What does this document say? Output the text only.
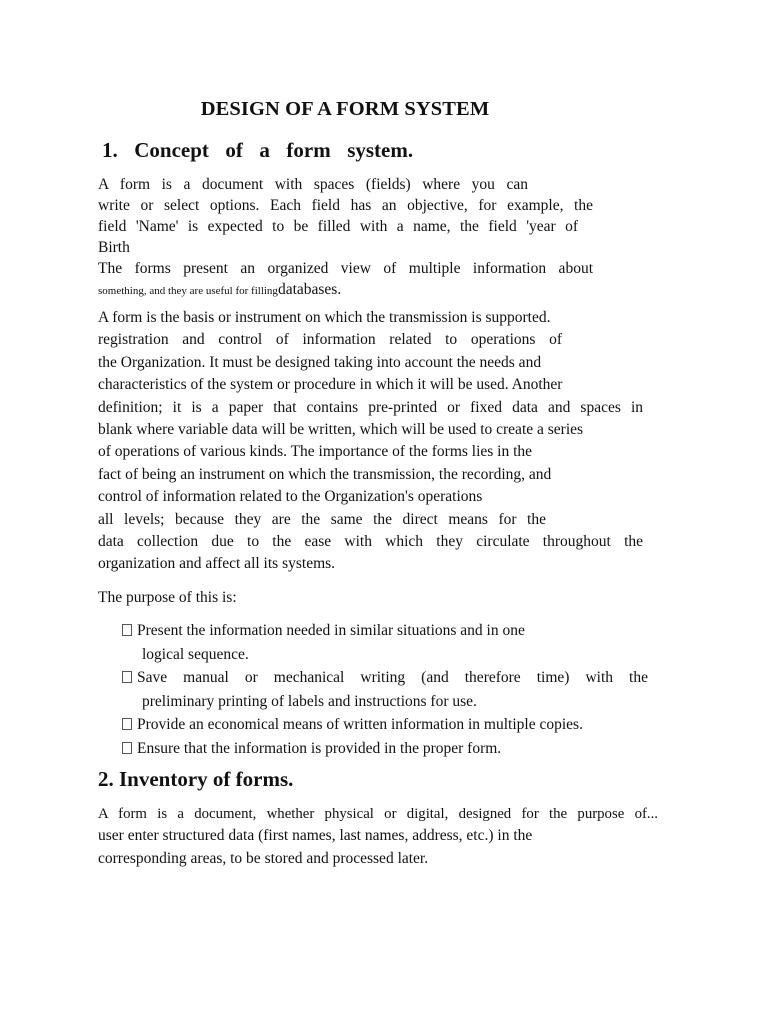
DESIGN OF A FORM SYSTEM
1.  Concept  of  a  form  system.
A form is a document with spaces (fields) where you can
write or select options. Each field has an objective, for example, the
field 'Name' is expected to be filled with a name, the field 'year of
Birth
The forms present an organized view of multiple information about
something, and they are useful for fillingdatabases.
A form is the basis or instrument on which the transmission is supported.
registration and control of information related to operations of
the Organization. It must be designed taking into account the needs and
characteristics of the system or procedure in which it will be used. Another
definition; it is a paper that contains pre-printed or fixed data and spaces in
blank where variable data will be written, which will be used to create a series
of operations of various kinds. The importance of the forms lies in the
fact of being an instrument on which the transmission, the recording, and
control of information related to the Organization's operations
all levels; because they are the same the direct means for the
data collection due to the ease with which they circulate throughout the
organization and affect all its systems.

The purpose of this is:

Present the information needed in similar situations and in one
logical sequence.
Save manual or mechanical writing (and therefore time) with the
preliminary printing of labels and instructions for use.
Provide an economical means of written information in multiple copies.
Ensure that the information is provided in the proper form.
2. Inventory of forms.
A form is a document, whether physical or digital, designed for the purpose of...
user enter structured data (first names, last names, address, etc.) in the
corresponding areas, to be stored and processed later.
